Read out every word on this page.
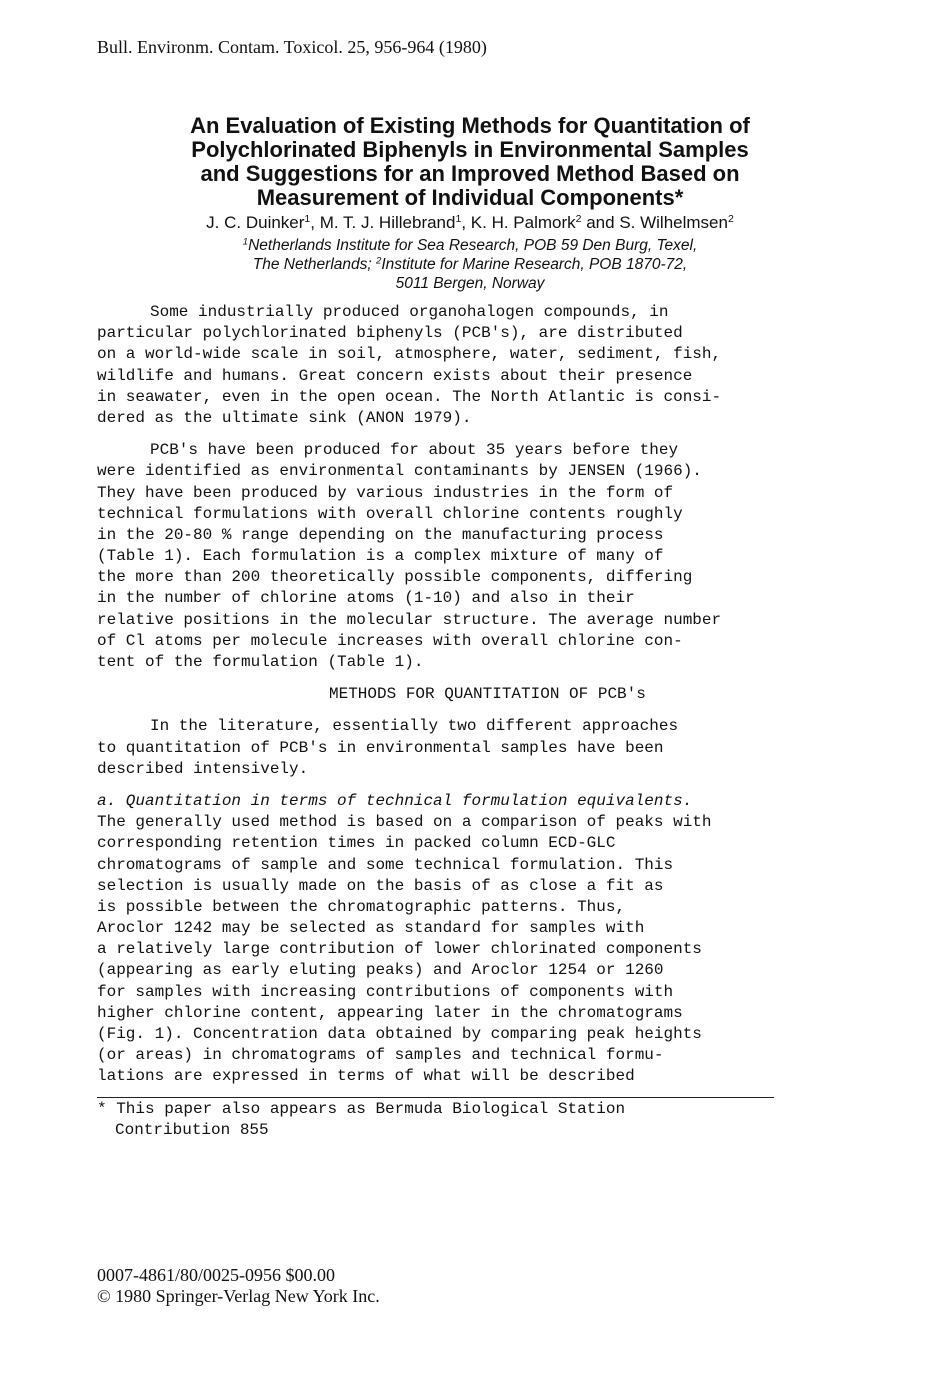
Bull. Environm. Contam. Toxicol. 25, 956-964 (1980)
An Evaluation of Existing Methods for Quantitation of
Polychlorinated Biphenyls in Environmental Samples
and Suggestions for an Improved Method Based on
Measurement of Individual Components*
J. C. Duinker$^1$, M. T. J. Hillebrand$^1$, K. H. Palmork$^2$ and S. Wilhelmsen$^2$
$^1$Netherlands Institute for Sea Research, POB 59 Den Burg, Texel,
The Netherlands; $^2$Institute for Marine Research, POB 1870-72,
5011 Bergen, Norway
Some industrially produced organohalogen compounds, in
particular polychlorinated biphenyls (PCB's), are distributed
on a world-wide scale in soil, atmosphere, water, sediment, fish,
wildlife and humans. Great concern exists about their presence
in seawater, even in the open ocean. The North Atlantic is consi-
dered as the ultimate sink (ANON 1979).
PCB's have been produced for about 35 years before they
were identified as environmental contaminants by JENSEN (1966).
They have been produced by various industries in the form of
technical formulations with overall chlorine contents roughly
in the 20-80 % range depending on the manufacturing process
(Table 1). Each formulation is a complex mixture of many of
the more than 200 theoretically possible components, differing
in the number of chlorine atoms (1-10) and also in their
relative positions in the molecular structure. The average number
of Cl atoms per molecule increases with overall chlorine con-
tent of the formulation (Table 1).
METHODS FOR QUANTITATION OF PCB's
In the literature, essentially two different approaches
to quantitation of PCB's in environmental samples have been
described intensively.
a. Quantitation in terms of technical formulation equivalents.
The generally used method is based on a comparison of peaks with
corresponding retention times in packed column ECD-GLC
chromatograms of sample and some technical formulation. This
selection is usually made on the basis of as close a fit as
is possible between the chromatographic patterns. Thus,
Aroclor 1242 may be selected as standard for samples with
a relatively large contribution of lower chlorinated components
(appearing as early eluting peaks) and Aroclor 1254 or 1260
for samples with increasing contributions of components with
higher chlorine content, appearing later in the chromatograms
(Fig. 1). Concentration data obtained by comparing peak heights
(or areas) in chromatograms of samples and technical formu-
lations are expressed in terms of what will be described
* This paper also appears as Bermuda Biological Station
Contribution 855
0007-4861/80/0025-0956 $00.00
© 1980 Springer-Verlag New York Inc.
